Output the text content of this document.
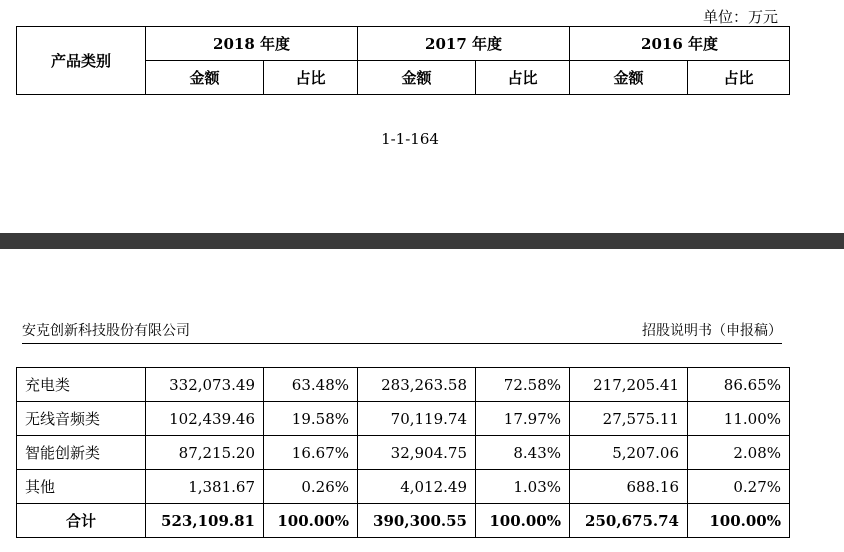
单位：万元
产品类别	2018 年度		2017 年度		2016 年度	
	金额	占比	金额	占比	金额	占比
1-1-164
安克创新科技股份有限公司	招股说明书（申报稿）
充电类	332,073.49	63.48%	283,263.58	72.58%	217,205.41	86.65%
无线音频类	102,439.46	19.58%	70,119.74	17.97%	27,575.11	11.00%
智能创新类	87,215.20	16.67%	32,904.75	8.43%	5,207.06	2.08%
其他	1,381.67	0.26%	4,012.49	1.03%	688.16	0.27%
合计	523,109.81	100.00%	390,300.55	100.00%	250,675.74	100.00%
